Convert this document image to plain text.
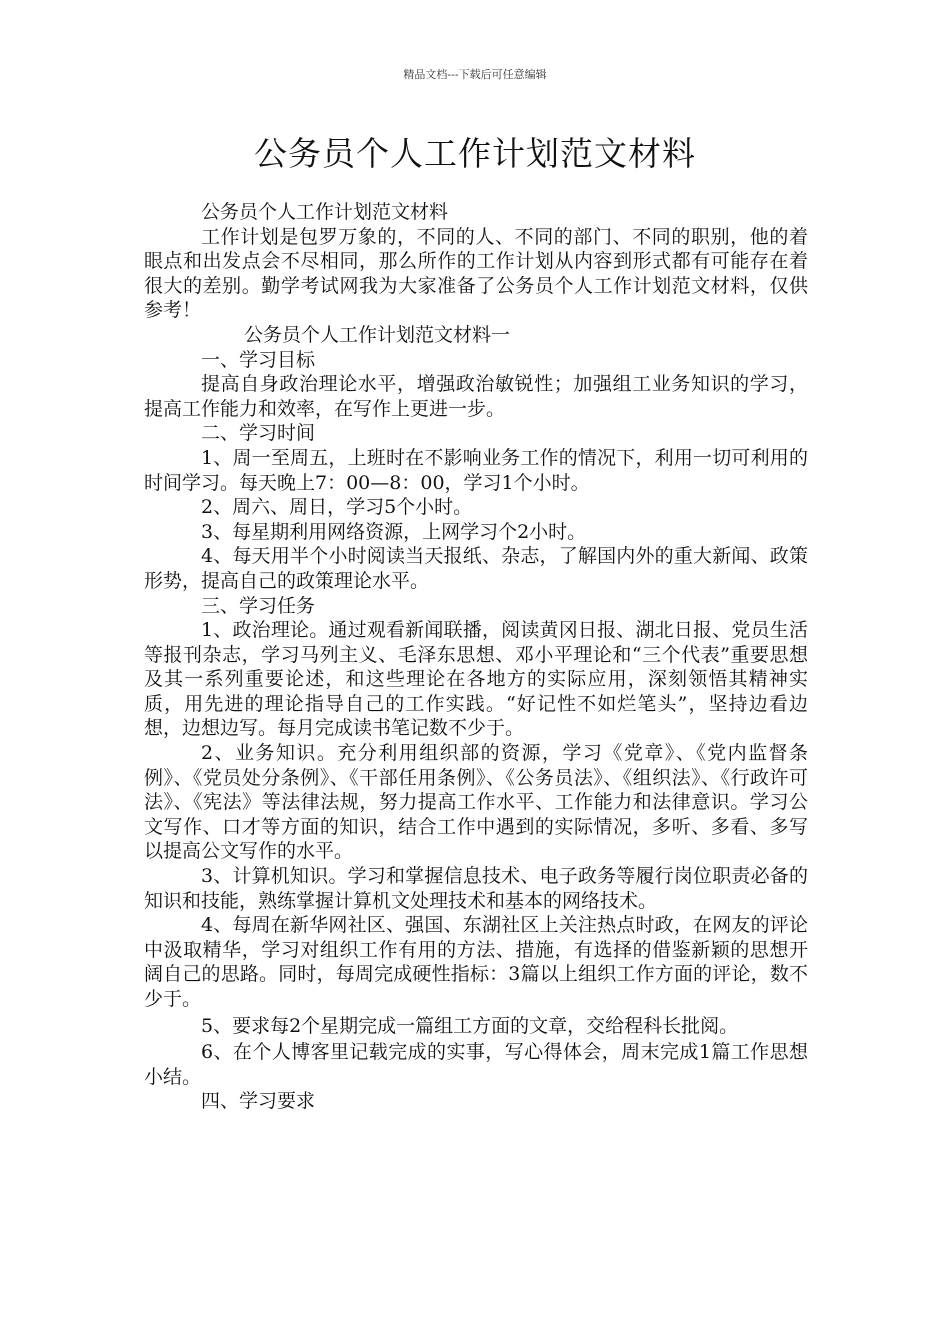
精品文档---下载后可任意编辑
公务员个人工作计划范文材料

公务员个人工作计划范文材料

工作计划是包罗万象的，不同的人、不同的部门、不同的职别，他的着眼点和出发点会不尽相同，那么所作的工作计划从内容到形式都有可能存在着很大的差别。勤学考试网我为大家准备了公务员个人工作计划范文材料，仅供参考！

公务员个人工作计划范文材料一

一、学习目标

提高自身政治理论水平，增强政治敏锐性；加强组工业务知识的学习，提高工作能力和效率，在写作上更进一步。

二、学习时间

1、周一至周五，上班时在不影响业务工作的情况下，利用一切可利用的时间学习。每天晚上7：00—8：00，学习1个小时。

2、周六、周日，学习5个小时。

3、每星期利用网络资源，上网学习个2小时。

4、每天用半个小时阅读当天报纸、杂志，了解国内外的重大新闻、政策形势，提高自己的政策理论水平。

三、学习任务

1、政治理论。通过观看新闻联播，阅读黄冈日报、湖北日报、党员生活等报刊杂志，学习马列主义、毛泽东思想、邓小平理论和“三个代表”重要思想及其一系列重要论述，和这些理论在各地方的实际应用，深刻领悟其精神实质，用先进的理论指导自己的工作实践。“好记性不如烂笔头”，坚持边看边想，边想边写。每月完成读书笔记数不少于。

2、业务知识。充分利用组织部的资源，学习《党章》、《党内监督条例》、《党员处分条例》、《干部任用条例》、《公务员法》、《组织法》、《行政许可法》、《宪法》等法律法规，努力提高工作水平、工作能力和法律意识。学习公文写作、口才等方面的知识，结合工作中遇到的实际情况，多听、多看、多写以提高公文写作的水平。

3、计算机知识。学习和掌握信息技术、电子政务等履行岗位职责必备的知识和技能，熟练掌握计算机文处理技术和基本的网络技术。

4、每周在新华网社区、强国、东湖社区上关注热点时政，在网友的评论中汲取精华，学习对组织工作有用的方法、措施，有选择的借鉴新颖的思想开阔自己的思路。同时，每周完成硬性指标：3篇以上组织工作方面的评论，数不少于。

5、要求每2个星期完成一篇组工方面的文章，交给程科长批阅。

6、在个人博客里记载完成的实事，写心得体会，周末完成1篇工作思想小结。

四、学习要求
